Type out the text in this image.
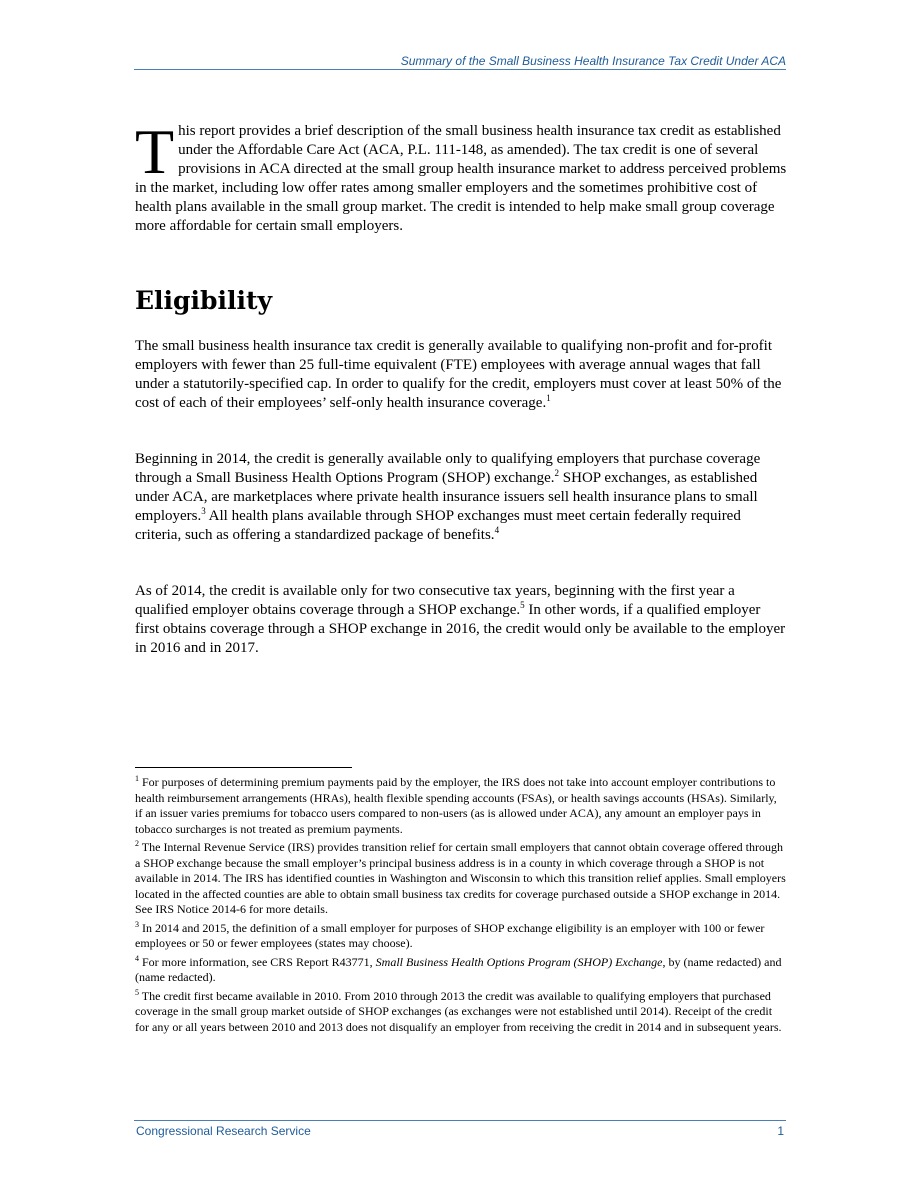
Summary of the Small Business Health Insurance Tax Credit Under ACA

This report provides a brief description of the small business health insurance tax credit as established under the Affordable Care Act (ACA, P.L. 111-148, as amended). The tax credit is one of several provisions in ACA directed at the small group health insurance market to address perceived problems in the market, including low offer rates among smaller employers and the sometimes prohibitive cost of health plans available in the small group market. The credit is intended to help make small group coverage more affordable for certain small employers.

Eligibility

The small business health insurance tax credit is generally available to qualifying non-profit and for-profit employers with fewer than 25 full-time equivalent (FTE) employees with average annual wages that fall under a statutorily-specified cap. In order to qualify for the credit, employers must cover at least 50% of the cost of each of their employees’ self-only health insurance coverage.$^1$

Beginning in 2014, the credit is generally available only to qualifying employers that purchase coverage through a Small Business Health Options Program (SHOP) exchange.$^2$ SHOP exchanges, as established under ACA, are marketplaces where private health insurance issuers sell health insurance plans to small employers.$^3$ All health plans available through SHOP exchanges must meet certain federally required criteria, such as offering a standardized package of benefits.$^4$

As of 2014, the credit is available only for two consecutive tax years, beginning with the first year a qualified employer obtains coverage through a SHOP exchange.$^5$ In other words, if a qualified employer first obtains coverage through a SHOP exchange in 2016, the credit would only be available to the employer in 2016 and in 2017.

$^1$ For purposes of determining premium payments paid by the employer, the IRS does not take into account employer contributions to health reimbursement arrangements (HRAs), health flexible spending accounts (FSAs), or health savings accounts (HSAs). Similarly, if an issuer varies premiums for tobacco users compared to non-users (as is allowed under ACA), any amount an employer pays in tobacco surcharges is not treated as premium payments.

$^2$ The Internal Revenue Service (IRS) provides transition relief for certain small employers that cannot obtain coverage offered through a SHOP exchange because the small employer’s principal business address is in a county in which coverage through a SHOP is not available in 2014. The IRS has identified counties in Washington and Wisconsin to which this transition relief applies. Small employers located in the affected counties are able to obtain small business tax credits for coverage purchased outside a SHOP exchange in 2014. See IRS Notice 2014-6 for more details.

$^3$ In 2014 and 2015, the definition of a small employer for purposes of SHOP exchange eligibility is an employer with 100 or fewer employees or 50 or fewer employees (states may choose).

$^4$ For more information, see CRS Report R43771, Small Business Health Options Program (SHOP) Exchange, by (name redacted) and (name redacted).

$^5$ The credit first became available in 2010. From 2010 through 2013 the credit was available to qualifying employers that purchased coverage in the small group market outside of SHOP exchanges (as exchanges were not established until 2014). Receipt of the credit for any or all years between 2010 and 2013 does not disqualify an employer from receiving the credit in 2014 and in subsequent years.

Congressional Research Service	1
